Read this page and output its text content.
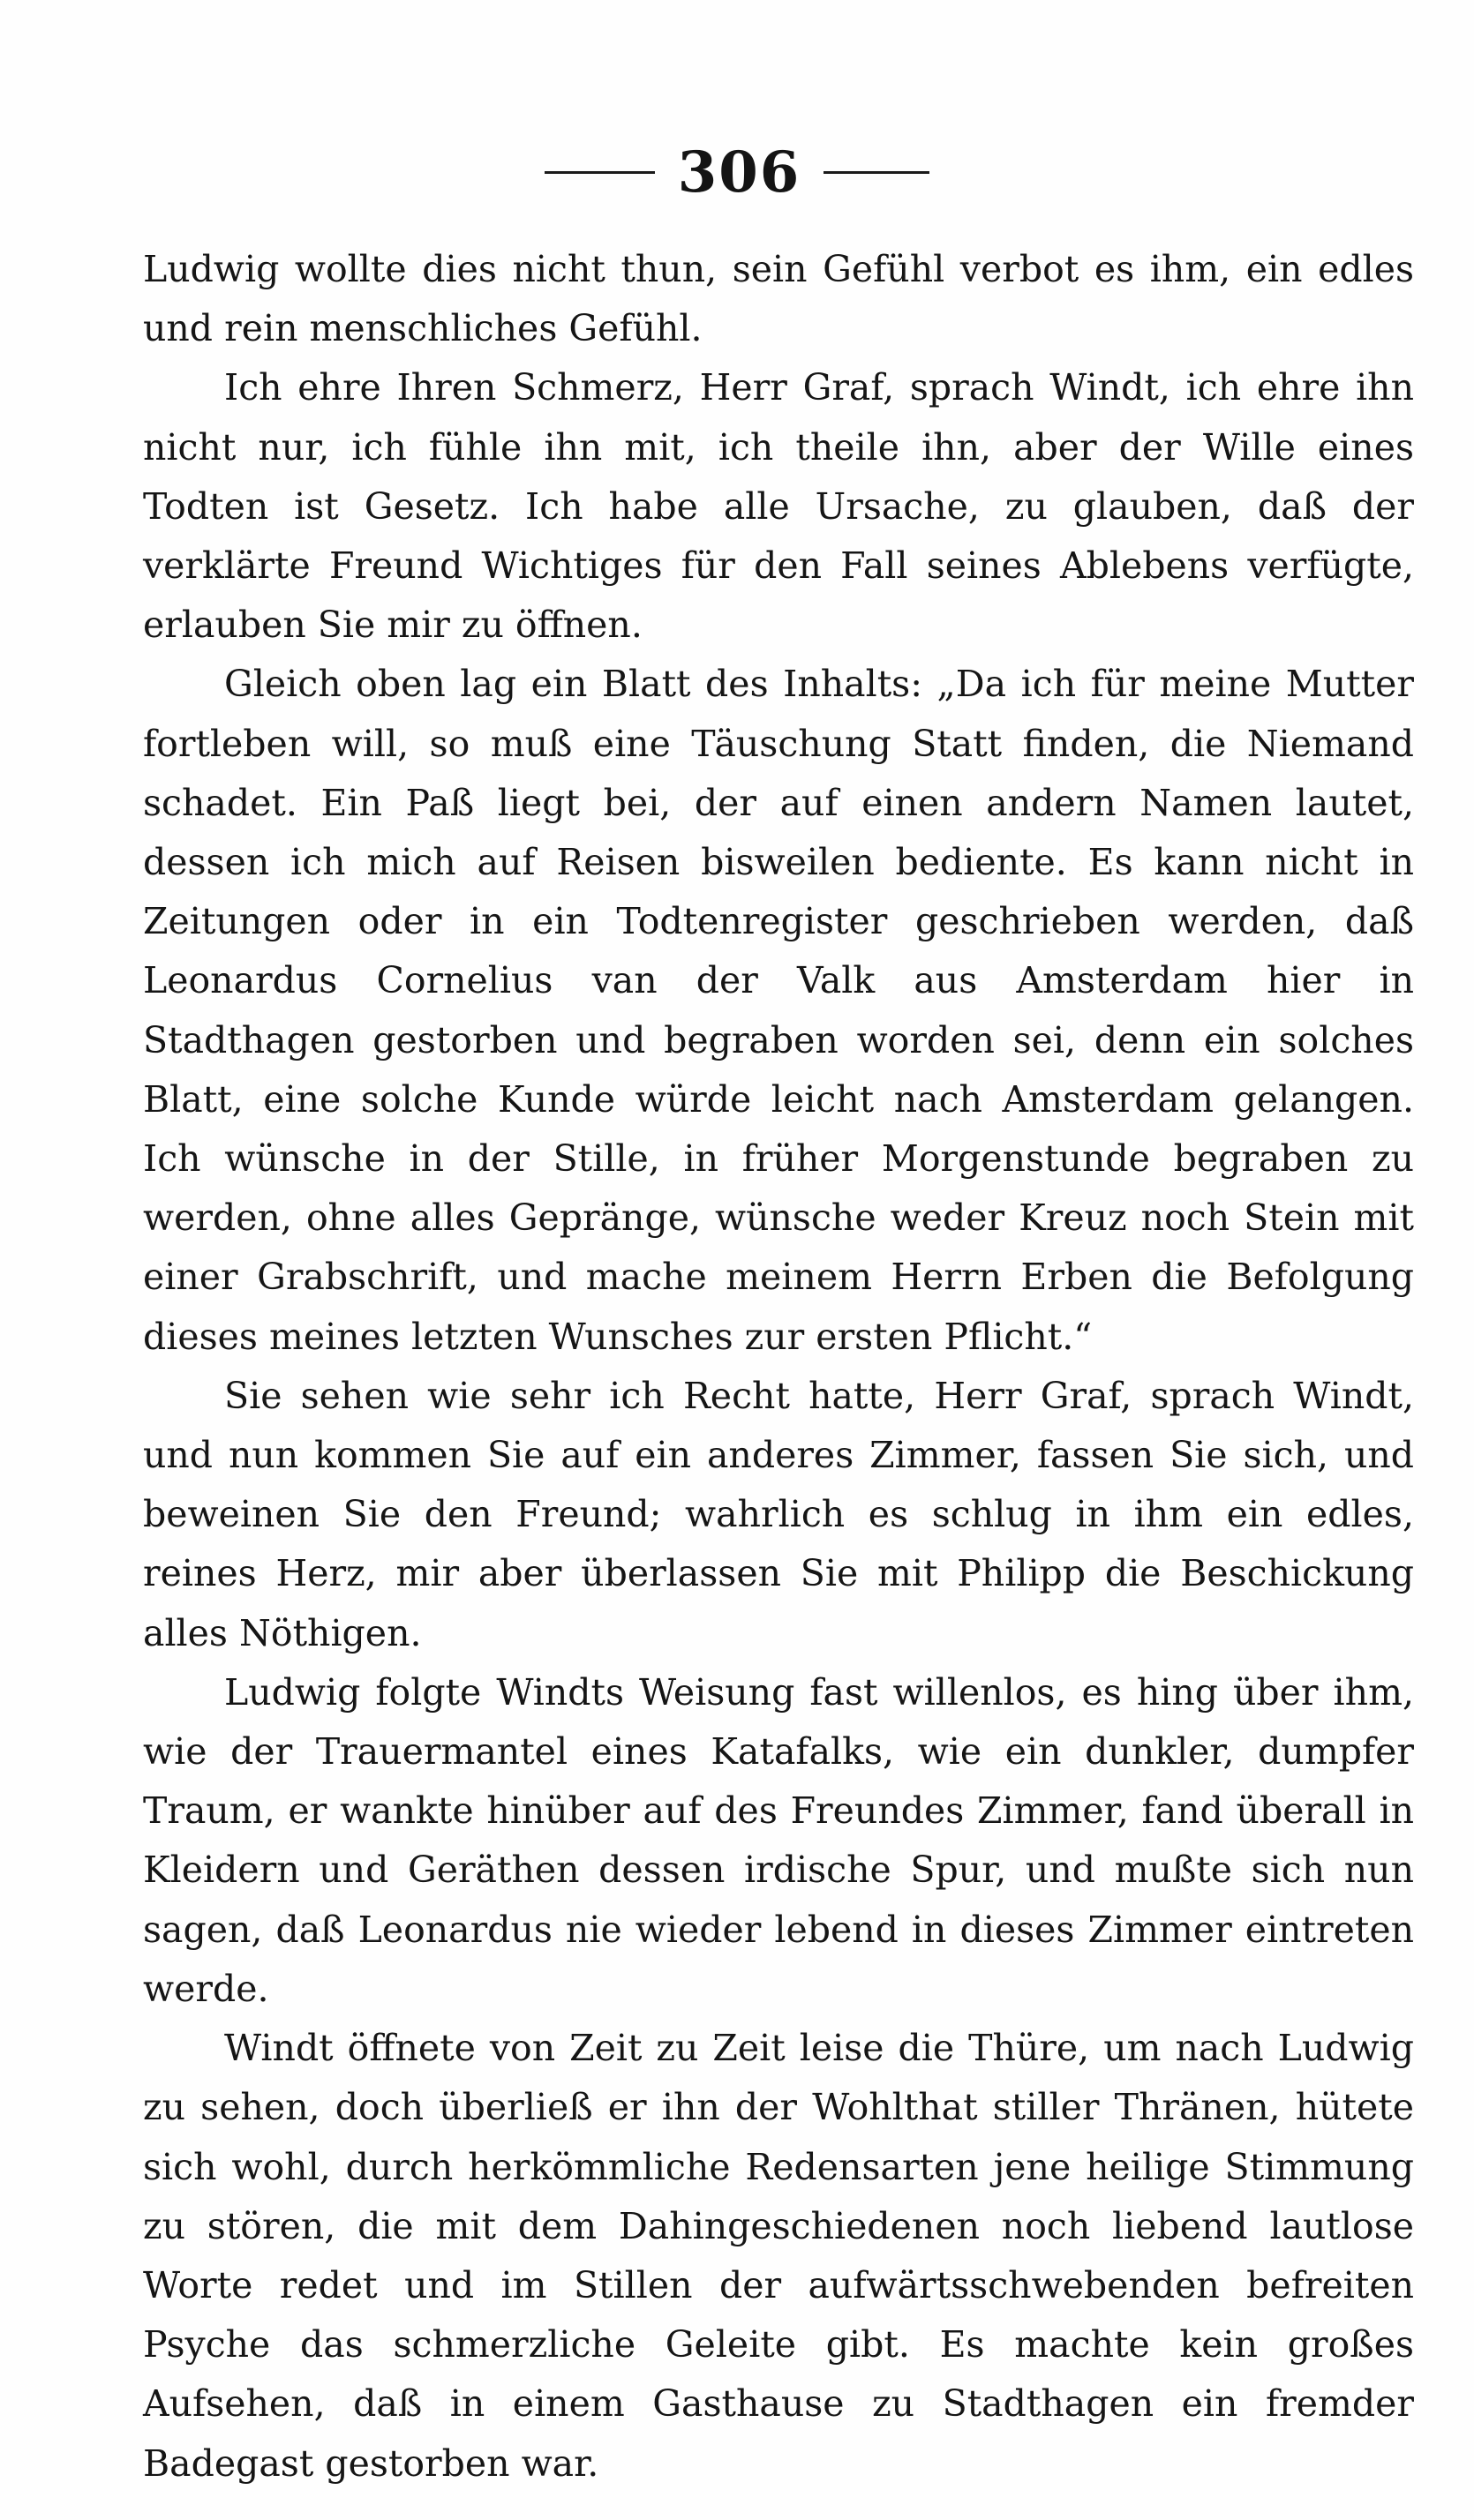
306

Ludwig wollte dies nicht thun, sein Gefühl verbot es ihm, ein edles und rein menschliches Gefühl.

Ich ehre Ihren Schmerz, Herr Graf, sprach Windt, ich ehre ihn nicht nur, ich fühle ihn mit, ich theile ihn, aber der Wille eines Todten ist Gesetz. Ich habe alle Ursache, zu glauben, daß der verklärte Freund Wichtiges für den Fall seines Ablebens verfügte, erlauben Sie mir zu öffnen.

Gleich oben lag ein Blatt des Inhalts: „Da ich für meine Mutter fortleben will, so muß eine Täuschung Statt finden, die Niemand schadet. Ein Paß liegt bei, der auf einen andern Namen lautet, dessen ich mich auf Reisen bisweilen bediente. Es kann nicht in Zeitungen oder in ein Todtenregister geschrieben werden, daß Leonardus Cornelius van der Valk aus Amsterdam hier in Stadthagen gestorben und begraben worden sei, denn ein solches Blatt, eine solche Kunde würde leicht nach Amsterdam gelangen. Ich wünsche in der Stille, in früher Morgenstunde begraben zu werden, ohne alles Gepränge, wünsche weder Kreuz noch Stein mit einer Grabschrift, und mache meinem Herrn Erben die Befolgung dieses meines letzten Wunsches zur ersten Pflicht.“

Sie sehen wie sehr ich Recht hatte, Herr Graf, sprach Windt, und nun kommen Sie auf ein anderes Zimmer, fassen Sie sich, und beweinen Sie den Freund; wahrlich es schlug in ihm ein edles, reines Herz, mir aber überlassen Sie mit Philipp die Beschickung alles Nöthigen.

Ludwig folgte Windts Weisung fast willenlos, es hing über ihm, wie der Trauermantel eines Katafalks, wie ein dunkler, dumpfer Traum, er wankte hinüber auf des Freundes Zimmer, fand überall in Kleidern und Geräthen dessen irdische Spur, und mußte sich nun sagen, daß Leonardus nie wieder lebend in dieses Zimmer eintreten werde.

Windt öffnete von Zeit zu Zeit leise die Thüre, um nach Ludwig zu sehen, doch überließ er ihn der Wohlthat stiller Thränen, hütete sich wohl, durch herkömmliche Redensarten jene heilige Stimmung zu stören, die mit dem Dahingeschiedenen noch liebend lautlose Worte redet und im Stillen der aufwärtsschwebenden befreiten Psyche das schmerzliche Geleite gibt. Es machte kein großes Aufsehen, daß in einem Gasthause zu Stadthagen ein fremder Badegast gestorben war.
